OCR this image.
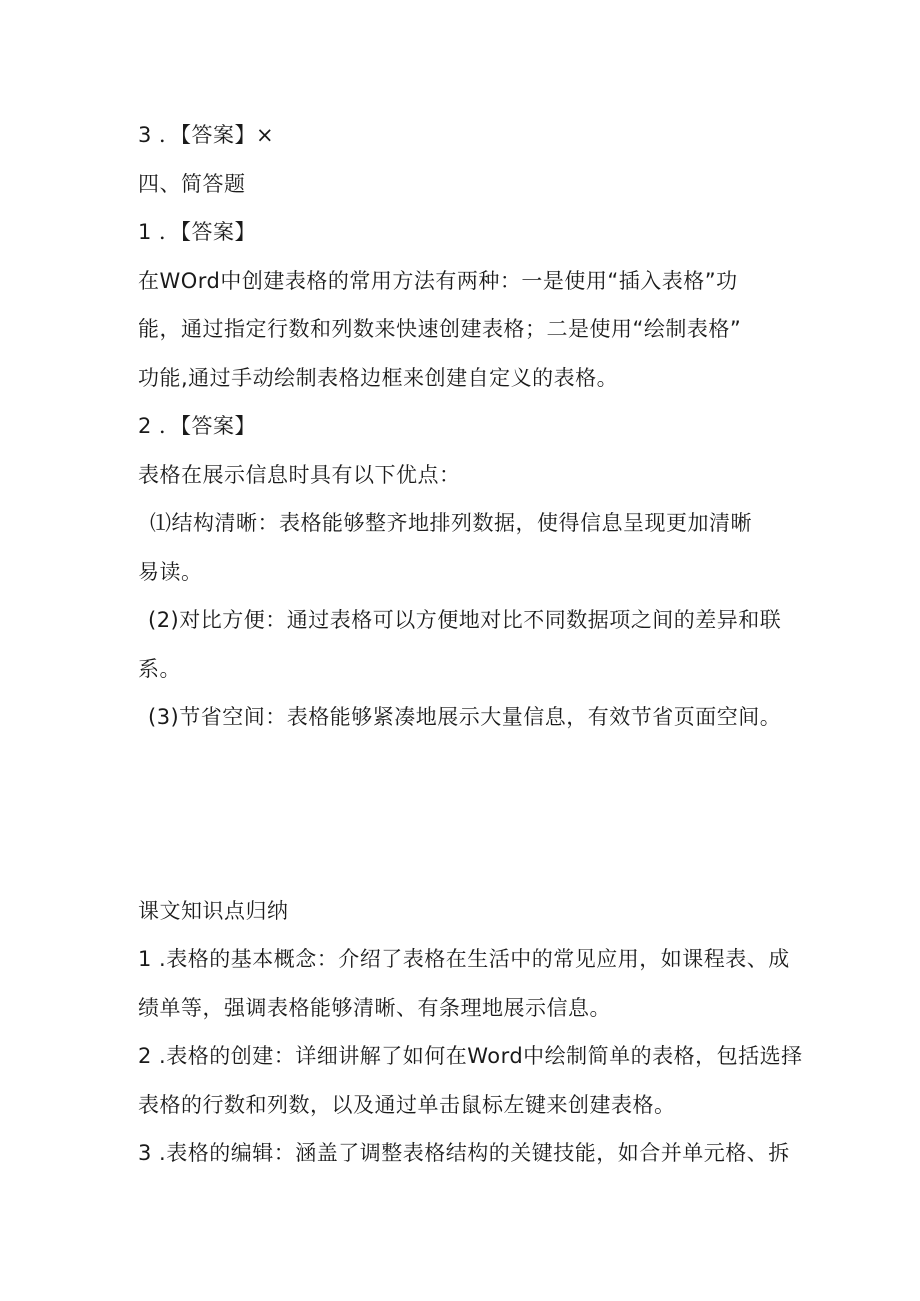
3 ．【答案】×
四、简答题
1 ．【答案】
在WOrd中创建表格的常用方法有两种：一是使用“插入表格”功
能，通过指定行数和列数来快速创建表格；二是使用“绘制表格”
功能,通过手动绘制表格边框来创建自定义的表格。
2 ．【答案】
表格在展示信息时具有以下优点：
⑴结构清晰：表格能够整齐地排列数据，使得信息呈现更加清晰
易读。
(2)对比方便：通过表格可以方便地对比不同数据项之间的差异和联
系。
(3)节省空间：表格能够紧凑地展示大量信息，有效节省页面空间。
课文知识点归纳
1 .表格的基本概念：介绍了表格在生活中的常见应用，如课程表、成
绩单等，强调表格能够清晰、有条理地展示信息。
2 .表格的创建：详细讲解了如何在Word中绘制简单的表格，包括选择
表格的行数和列数，以及通过单击鼠标左键来创建表格。
3 .表格的编辑：涵盖了调整表格结构的关键技能，如合并单元格、拆
